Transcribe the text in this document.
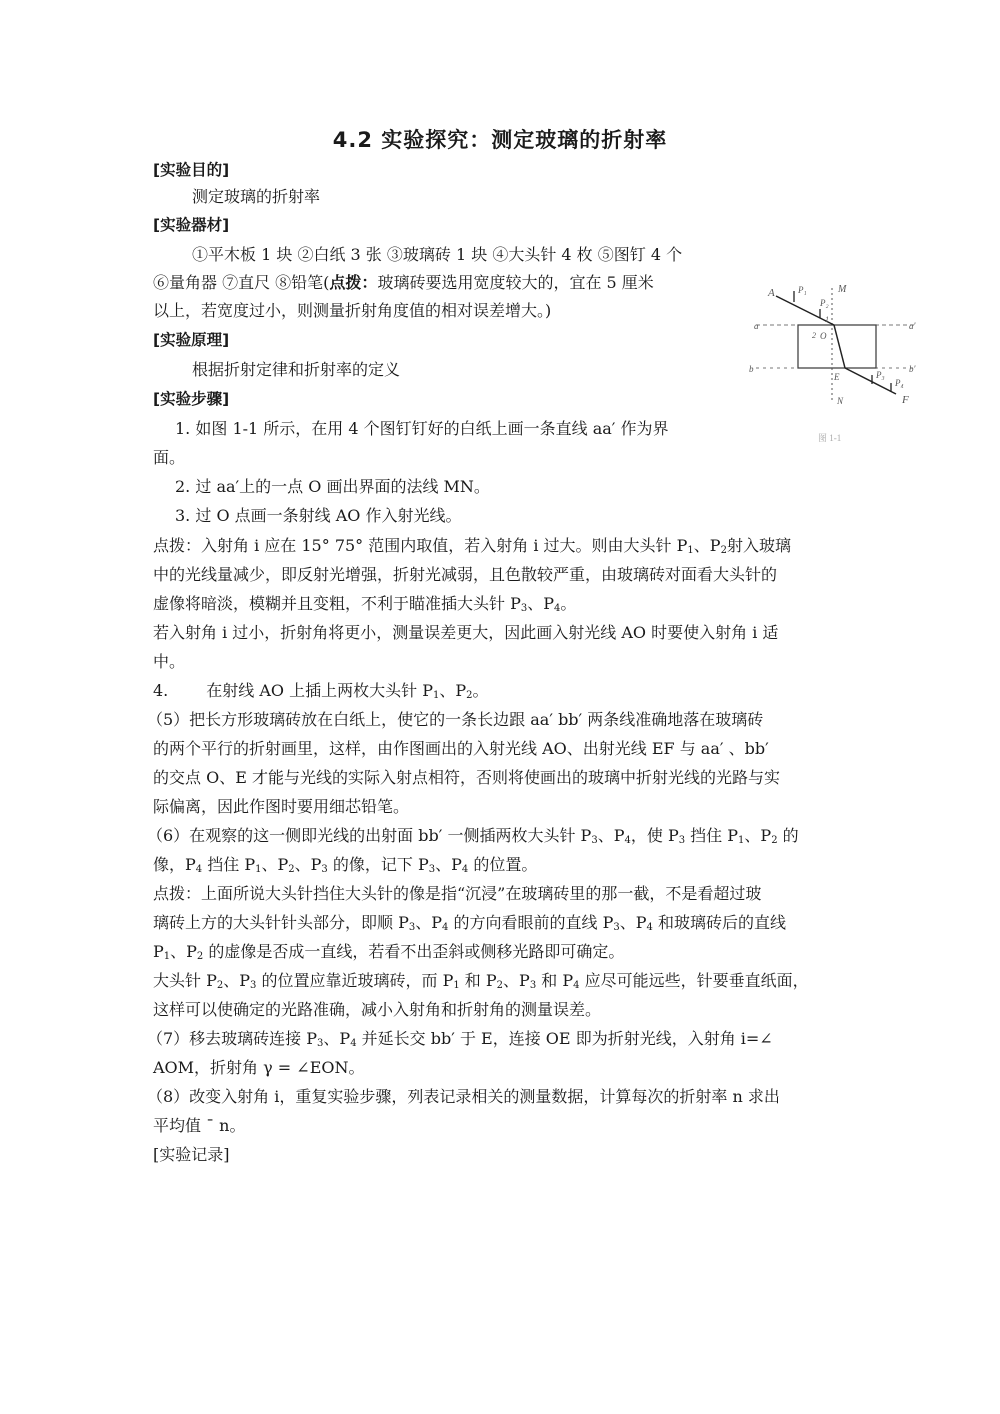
4.2 实验探究：测定玻璃的折射率
[实验目的]
测定玻璃的折射率
[实验器材]
①平木板 1 块 ②白纸 3 张 ③玻璃砖 1 块 ④大头针 4 枚 ⑤图钉 4 个
⑥量角器 ⑦直尺 ⑧铅笔(点拨：玻璃砖要选用宽度较大的，宜在 5 厘米
以上，若宽度过小，则测量折射角度值的相对误差增大。)
[实验原理]
根据折射定律和折射率的定义
[实验步骤]
1. 如图 1-1 所示，在用 4 个图钉钉好的白纸上画一条直线 aa′ 作为界
面。
2. 过 aa′上的一点 O 画出界面的法线 MN。
3. 过 O 点画一条射线 AO 作入射光线。
点拨：入射角 i 应在 15° 75° 范围内取值，若入射角 i 过大。则由大头针 $P_1$、$P_2$射入玻璃
中的光线量减少，即反射光增强，折射光减弱，且色散较严重，由玻璃砖对面看大头针的
虚像将暗淡，模糊并且变粗，不利于瞄准插大头针 $P_3$、$P_4$。
若入射角 i 过小，折射角将更小，测量误差更大，因此画入射光线 AO 时要使入射角 i 适
中。
4. 在射线 AO 上插上两枚大头针 $P_1$、$P_2$。
（5）把长方形玻璃砖放在白纸上，使它的一条长边跟 aa′ bb′ 两条线准确地落在玻璃砖
的两个平行的折射画里，这样，由作图画出的入射光线 AO、出射光线 EF 与 aa′ 、bb′
的交点 O、E 才能与光线的实际入射点相符，否则将使画出的玻璃中折射光线的光路与实
际偏离，因此作图时要用细芯铅笔。
（6）在观察的这一侧即光线的出射面 bb′ 一侧插两枚大头针 $P_3$、$P_4$，使 $P_3$ 挡住 $P_1$、$P_2$ 的
像，$P_4$ 挡住 $P_1$、$P_2$、$P_3$ 的像，记下 $P_3$、$P_4$ 的位置。
点拨：上面所说大头针挡住大头针的像是指“沉浸”在玻璃砖里的那一截，不是看超过玻
璃砖上方的大头针针头部分，即顺 $P_3$、$P_4$ 的方向看眼前的直线 $P_3$、$P_4$ 和玻璃砖后的直线
$P_1$、$P_2$ 的虚像是否成一直线，若看不出歪斜或侧移光路即可确定。
大头针 $P_2$、$P_3$ 的位置应靠近玻璃砖，而 $P_1$ 和 $P_2$、$P_3$ 和 $P_4$ 应尽可能远些，针要垂直纸面，
这样可以使确定的光路准确，减小入射角和折射角的测量误差。
（7）移去玻璃砖连接 $P_3$、$P_4$ 并延长交 bb′ 于 E，连接 OE 即为折射光线，入射角 i=∠
AOM，折射角 γ = ∠EON。
（8）改变入射角 i，重复实验步骤，列表记录相关的测量数据，计算每次的折射率 n 求出
平均值 ¯ n。
[实验记录]
A	P₁
P₂
M
a	a′
b	b′
1
2 O
E
N
P₃
P₄
F
图 1-1
